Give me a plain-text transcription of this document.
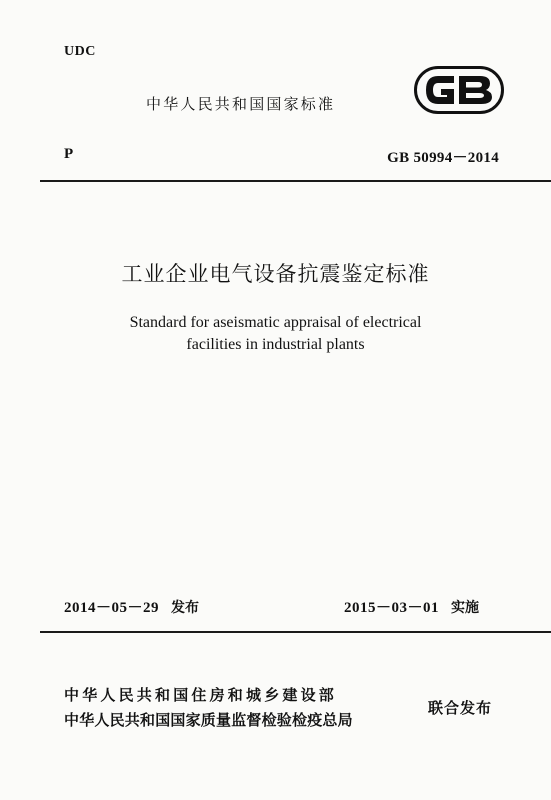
UDC
中华人民共和国国家标准
P	GB 50994－2014
工业企业电气设备抗震鉴定标准
Standard for aseismatic appraisal of electrical
facilities in industrial plants
2014－05－29 发布	2015－03－01 实施
中华人民共和国住房和城乡建设部
中华人民共和国国家质量监督检验检疫总局
联合发布
